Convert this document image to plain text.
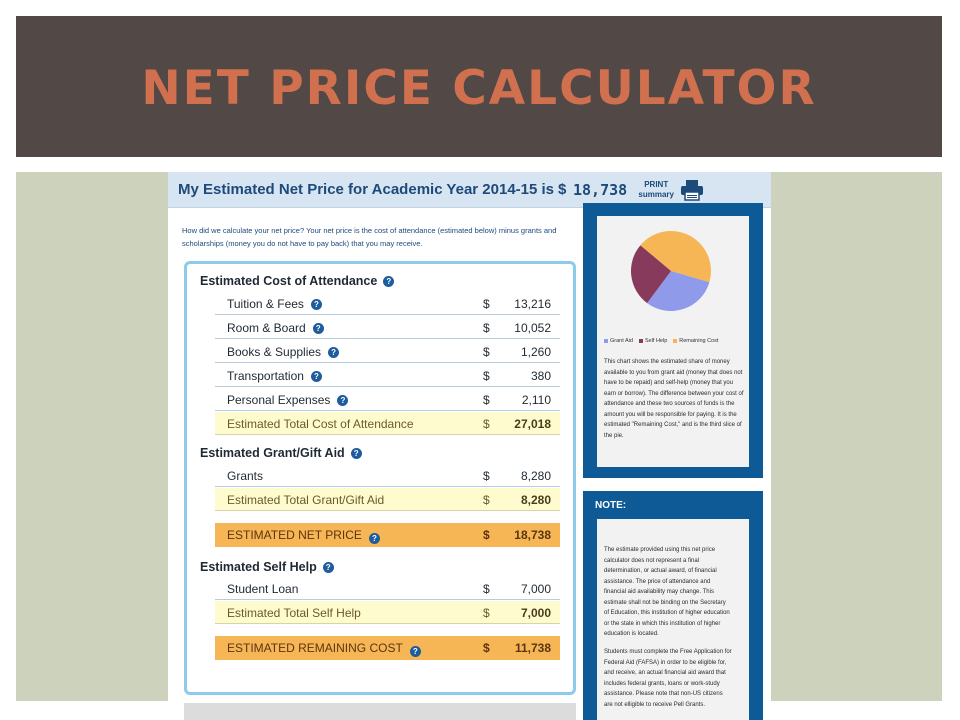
NET PRICE CALCULATOR
My Estimated Net Price for Academic Year 2014-15 is $ 18,738	PRINT
summary

How did we calculate your net price? Your net price is the cost of attendance (estimated below) minus grants and scholarships (money you do not have to pay back) that you may receive.

Estimated Cost of Attendance	?
Tuition & Fees	?	$ 13,216
Room & Board	?	$ 10,052
Books & Supplies	?	$	1,260
Transportation	?	$	380
Personal Expenses	?	$	2,110
Estimated Total Cost of Attendance	$ 27,018
Estimated Grant/Gift Aid	?
Grants	$	8,280
Estimated Total Grant/Gift Aid	$	8,280
ESTIMATED NET PRICE	?	$ 18,738
Estimated Self Help	?
Student Loan	$	7,000
Estimated Total Self Help	$	7,000
ESTIMATED REMAINING COST	?	$ 11,738
Grant Aid Self Help Remaining Cost

This chart shows the estimated share of money available to you from grant aid (money that does not have to be repaid) and self-help (money that you earn or borrow). The difference between your cost of attendance and these two sources of funds is the amount you will be responsible for paying. It is the estimated "Remaining Cost," and is the third slice of the pie.

NOTE:

The estimate provided using this net price calculator does not represent a final determination, or actual award, of financial assistance. The price of attendance and financial aid availability may change. This estimate shall not be binding on the Secretary of Education, this institution of higher education or the state in which this institution of higher education is located.

Students must complete the Free Application for Federal Aid (FAFSA) in order to be eligible for, and receive, an actual financial aid award that includes federal grants, loans or work-study assistance. Please note that non-US citizens are not elligible to receive Pell Grants.
